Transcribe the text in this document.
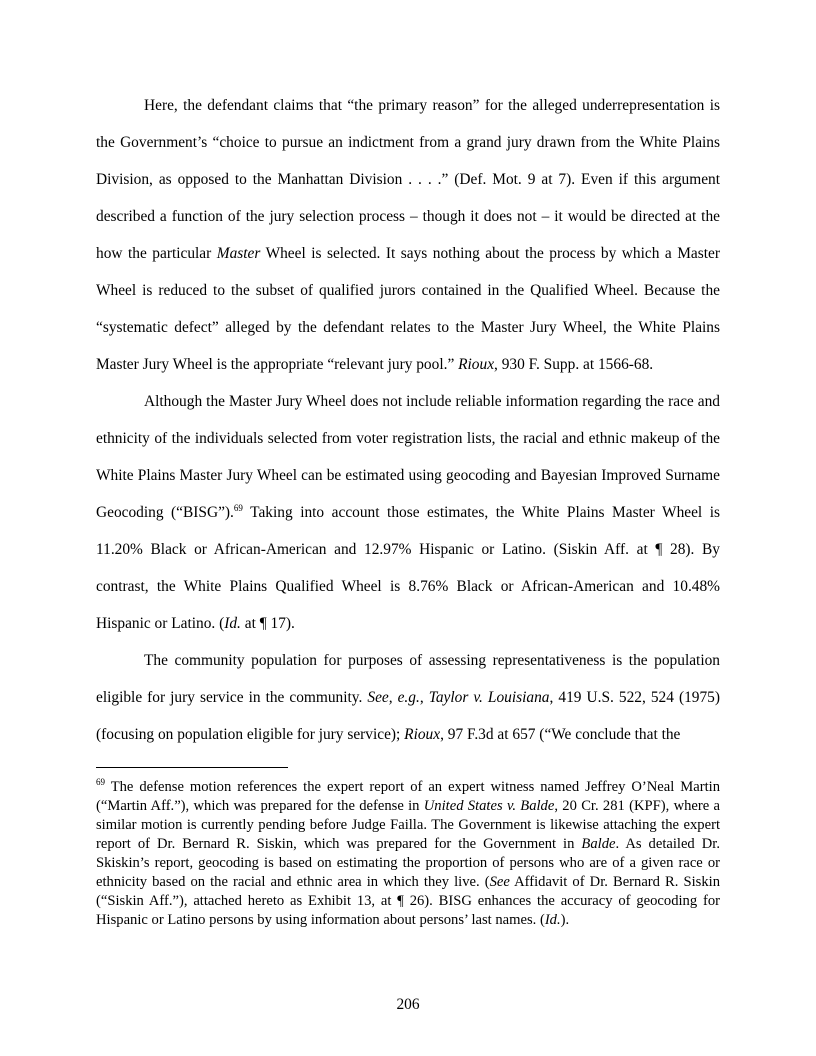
Here, the defendant claims that “the primary reason” for the alleged underrepresentation is the Government’s “choice to pursue an indictment from a grand jury drawn from the White Plains Division, as opposed to the Manhattan Division . . . .” (Def. Mot. 9 at 7). Even if this argument described a function of the jury selection process – though it does not – it would be directed at the how the particular Master Wheel is selected. It says nothing about the process by which a Master Wheel is reduced to the subset of qualified jurors contained in the Qualified Wheel. Because the “systematic defect” alleged by the defendant relates to the Master Jury Wheel, the White Plains Master Jury Wheel is the appropriate “relevant jury pool.” Rioux, 930 F. Supp. at 1566-68.

Although the Master Jury Wheel does not include reliable information regarding the race and ethnicity of the individuals selected from voter registration lists, the racial and ethnic makeup of the White Plains Master Jury Wheel can be estimated using geocoding and Bayesian Improved Surname Geocoding (“BISG”).$^{69}$ Taking into account those estimates, the White Plains Master Wheel is 11.20% Black or African-American and 12.97% Hispanic or Latino. (Siskin Aff. at ¶ 28). By contrast, the White Plains Qualified Wheel is 8.76% Black or African-American and 10.48% Hispanic or Latino. (Id. at ¶ 17).

The community population for purposes of assessing representativeness is the population eligible for jury service in the community. See, e.g., Taylor v. Louisiana, 419 U.S. 522, 524 (1975) (focusing on population eligible for jury service); Rioux, 97 F.3d at 657 (“We conclude that the

$^{69}$ The defense motion references the expert report of an expert witness named Jeffrey O’Neal Martin (“Martin Aff.”), which was prepared for the defense in United States v. Balde, 20 Cr. 281 (KPF), where a similar motion is currently pending before Judge Failla. The Government is likewise attaching the expert report of Dr. Bernard R. Siskin, which was prepared for the Government in Balde. As detailed Dr. Skiskin’s report, geocoding is based on estimating the proportion of persons who are of a given race or ethnicity based on the racial and ethnic area in which they live. (See Affidavit of Dr. Bernard R. Siskin (“Siskin Aff.”), attached hereto as Exhibit 13, at ¶ 26). BISG enhances the accuracy of geocoding for Hispanic or Latino persons by using information about persons’ last names. (Id.).

206
